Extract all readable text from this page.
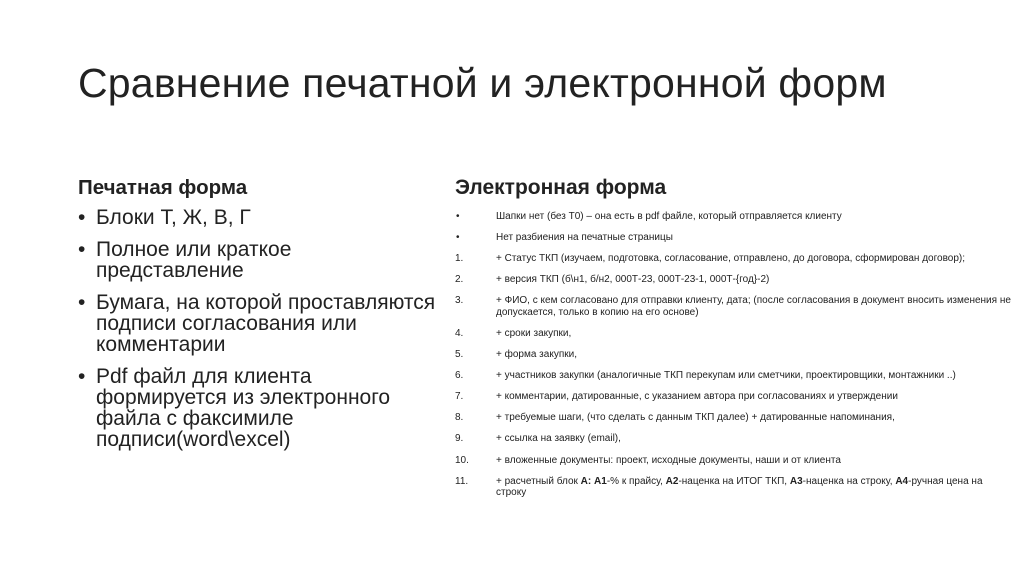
Сравнение печатной и электронной форм
Печатная форма
• Блоки Т, Ж, В, Г
• Полное или краткое представление
• Бумага, на которой проставляются подписи согласования или комментарии
• Pdf файл для клиента формируется из электронного файла с факсимиле подписи(word\excel)
Электронная форма
•	Шапки нет (без Т0) – она есть в pdf файле, который отправляется клиенту
•	Нет разбиения на печатные страницы
1.	+ Статус ТКП (изучаем, подготовка, согласование, отправлено, до договора, сформирован договор);
2.	+ версия ТКП (б\н1, б/н2, 000Т-23, 000Т-23-1, 000Т-{год}-2)
3.	+ ФИО, с кем согласовано для отправки клиенту, дата; (после согласования в документ вносить изменения не допускается, только в копию на его основе)
4.	+ сроки закупки,
5.	+ форма закупки,
6.	+ участников закупки (аналогичные ТКП перекупам или сметчики, проектировщики, монтажники ..)
7.	+ комментарии, датированные, с указанием автора при согласованиях и утверждении
8.	+ требуемые шаги, (что сделать с данным ТКП далее) + датированные напоминания,
9.	+ ссылка на заявку (email),
10.	+ вложенные документы: проект, исходные документы, наши и от клиента
11.	+ расчетный блок А: А1-% к прайсу, А2-наценка на ИТОГ ТКП, А3-наценка на строку, А4-ручная цена на строку
